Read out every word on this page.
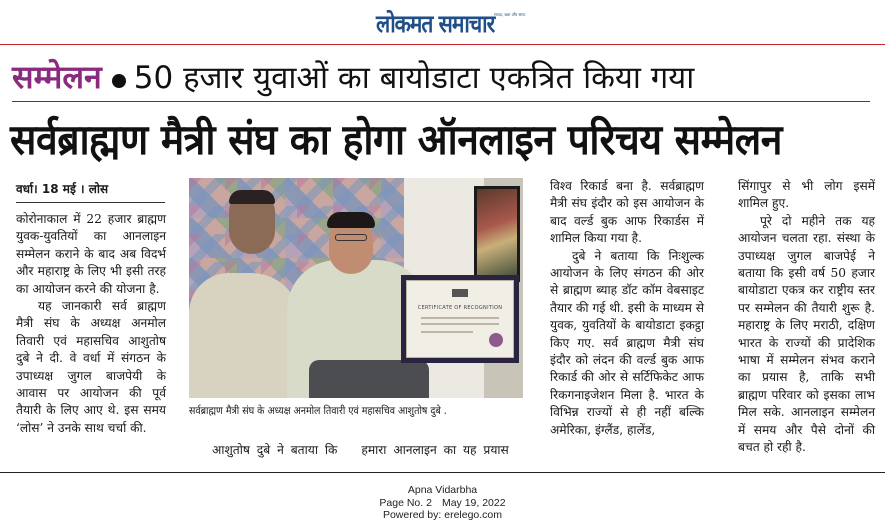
सच्चा, खरा और साफ
लोकमत समाचार
सम्मेलन 50 हजार युवाओं का बायोडाटा एकत्रित किया गया
सर्वब्राह्मण मैत्री संघ का होगा ऑनलाइन परिचय सम्मेलन
वर्धा। 18 मई । लोस

कोरोनाकाल में 22 हजार ब्राह्मण युवक-युवतियों का आनलाइन सम्मेलन कराने के बाद अब विदर्भ और महाराष्ट्र के लिए भी इसी तरह का आयोजन करने की योजना है.

यह जानकारी सर्व ब्राह्मण मैत्री संघ के अध्यक्ष अनमोल तिवारी एवं महासचिव आशुतोष दुबे ने दी. वे वर्धा में संगठन के उपाध्यक्ष जुगल बाजपेयी के आवास पर आयोजन की पूर्व तैयारी के लिए आए थे. इस समय ‘लोस’ ने उनके साथ चर्चा की.

CERTIFICATE OF RECOGNITION
सर्वब्राह्मण मैत्री संघ के अध्यक्ष अनमोल तिवारी एवं महासचिव आशुतोष दुबे .
आशुतोष दुबे ने बताया कि हमारा आनलाइन का यह प्रयास

विश्व रिकार्ड बना है. सर्वब्राह्मण मैत्री संघ इंदौर को इस आयोजन के बाद वर्ल्ड बुक आफ रिकार्डस में शामिल किया गया है.

दुबे ने बताया कि निःशुल्क आयोजन के लिए संगठन की ओर से ब्राह्मण ब्याह डॉट कॉम वेबसाइट तैयार की गई थी. इसी के माध्यम से युवक, युवतियों के बायोडाटा इकट्ठा किए गए. सर्व ब्राह्मण मैत्री संघ इंदौर को लंदन की वर्ल्ड बुक आफ रिकार्ड की ओर से सर्टिफिकेट आफ रिकगनाइजेशन मिला है. भारत के विभिन्न राज्यों से ही नहीं बल्कि अमेरिका, इंग्लैंड, हालेंड,

सिंगापुर से भी लोग इसमें शामिल हुए.

पूरे दो महीने तक यह आयोजन चलता रहा. संस्था के उपाध्यक्ष जुगल बाजपेई ने बताया कि इसी वर्ष 50 हजार बायोडाटा एकत्र कर राष्ट्रीय स्तर पर सम्मेलन की तैयारी शुरू है. महाराष्ट्र के लिए मराठी, दक्षिण भारत के राज्यों की प्रादेशिक भाषा में सम्मेलन संभव कराने का प्रयास है, ताकि सभी ब्राह्मण परिवार को इसका लाभ मिल सके. आनलाइन सम्मेलन में समय और पैसे दोनों की बचत हो रही है.

Apna Vidarbha
Page No. 2 May 19, 2022
Powered by: erelego.com
